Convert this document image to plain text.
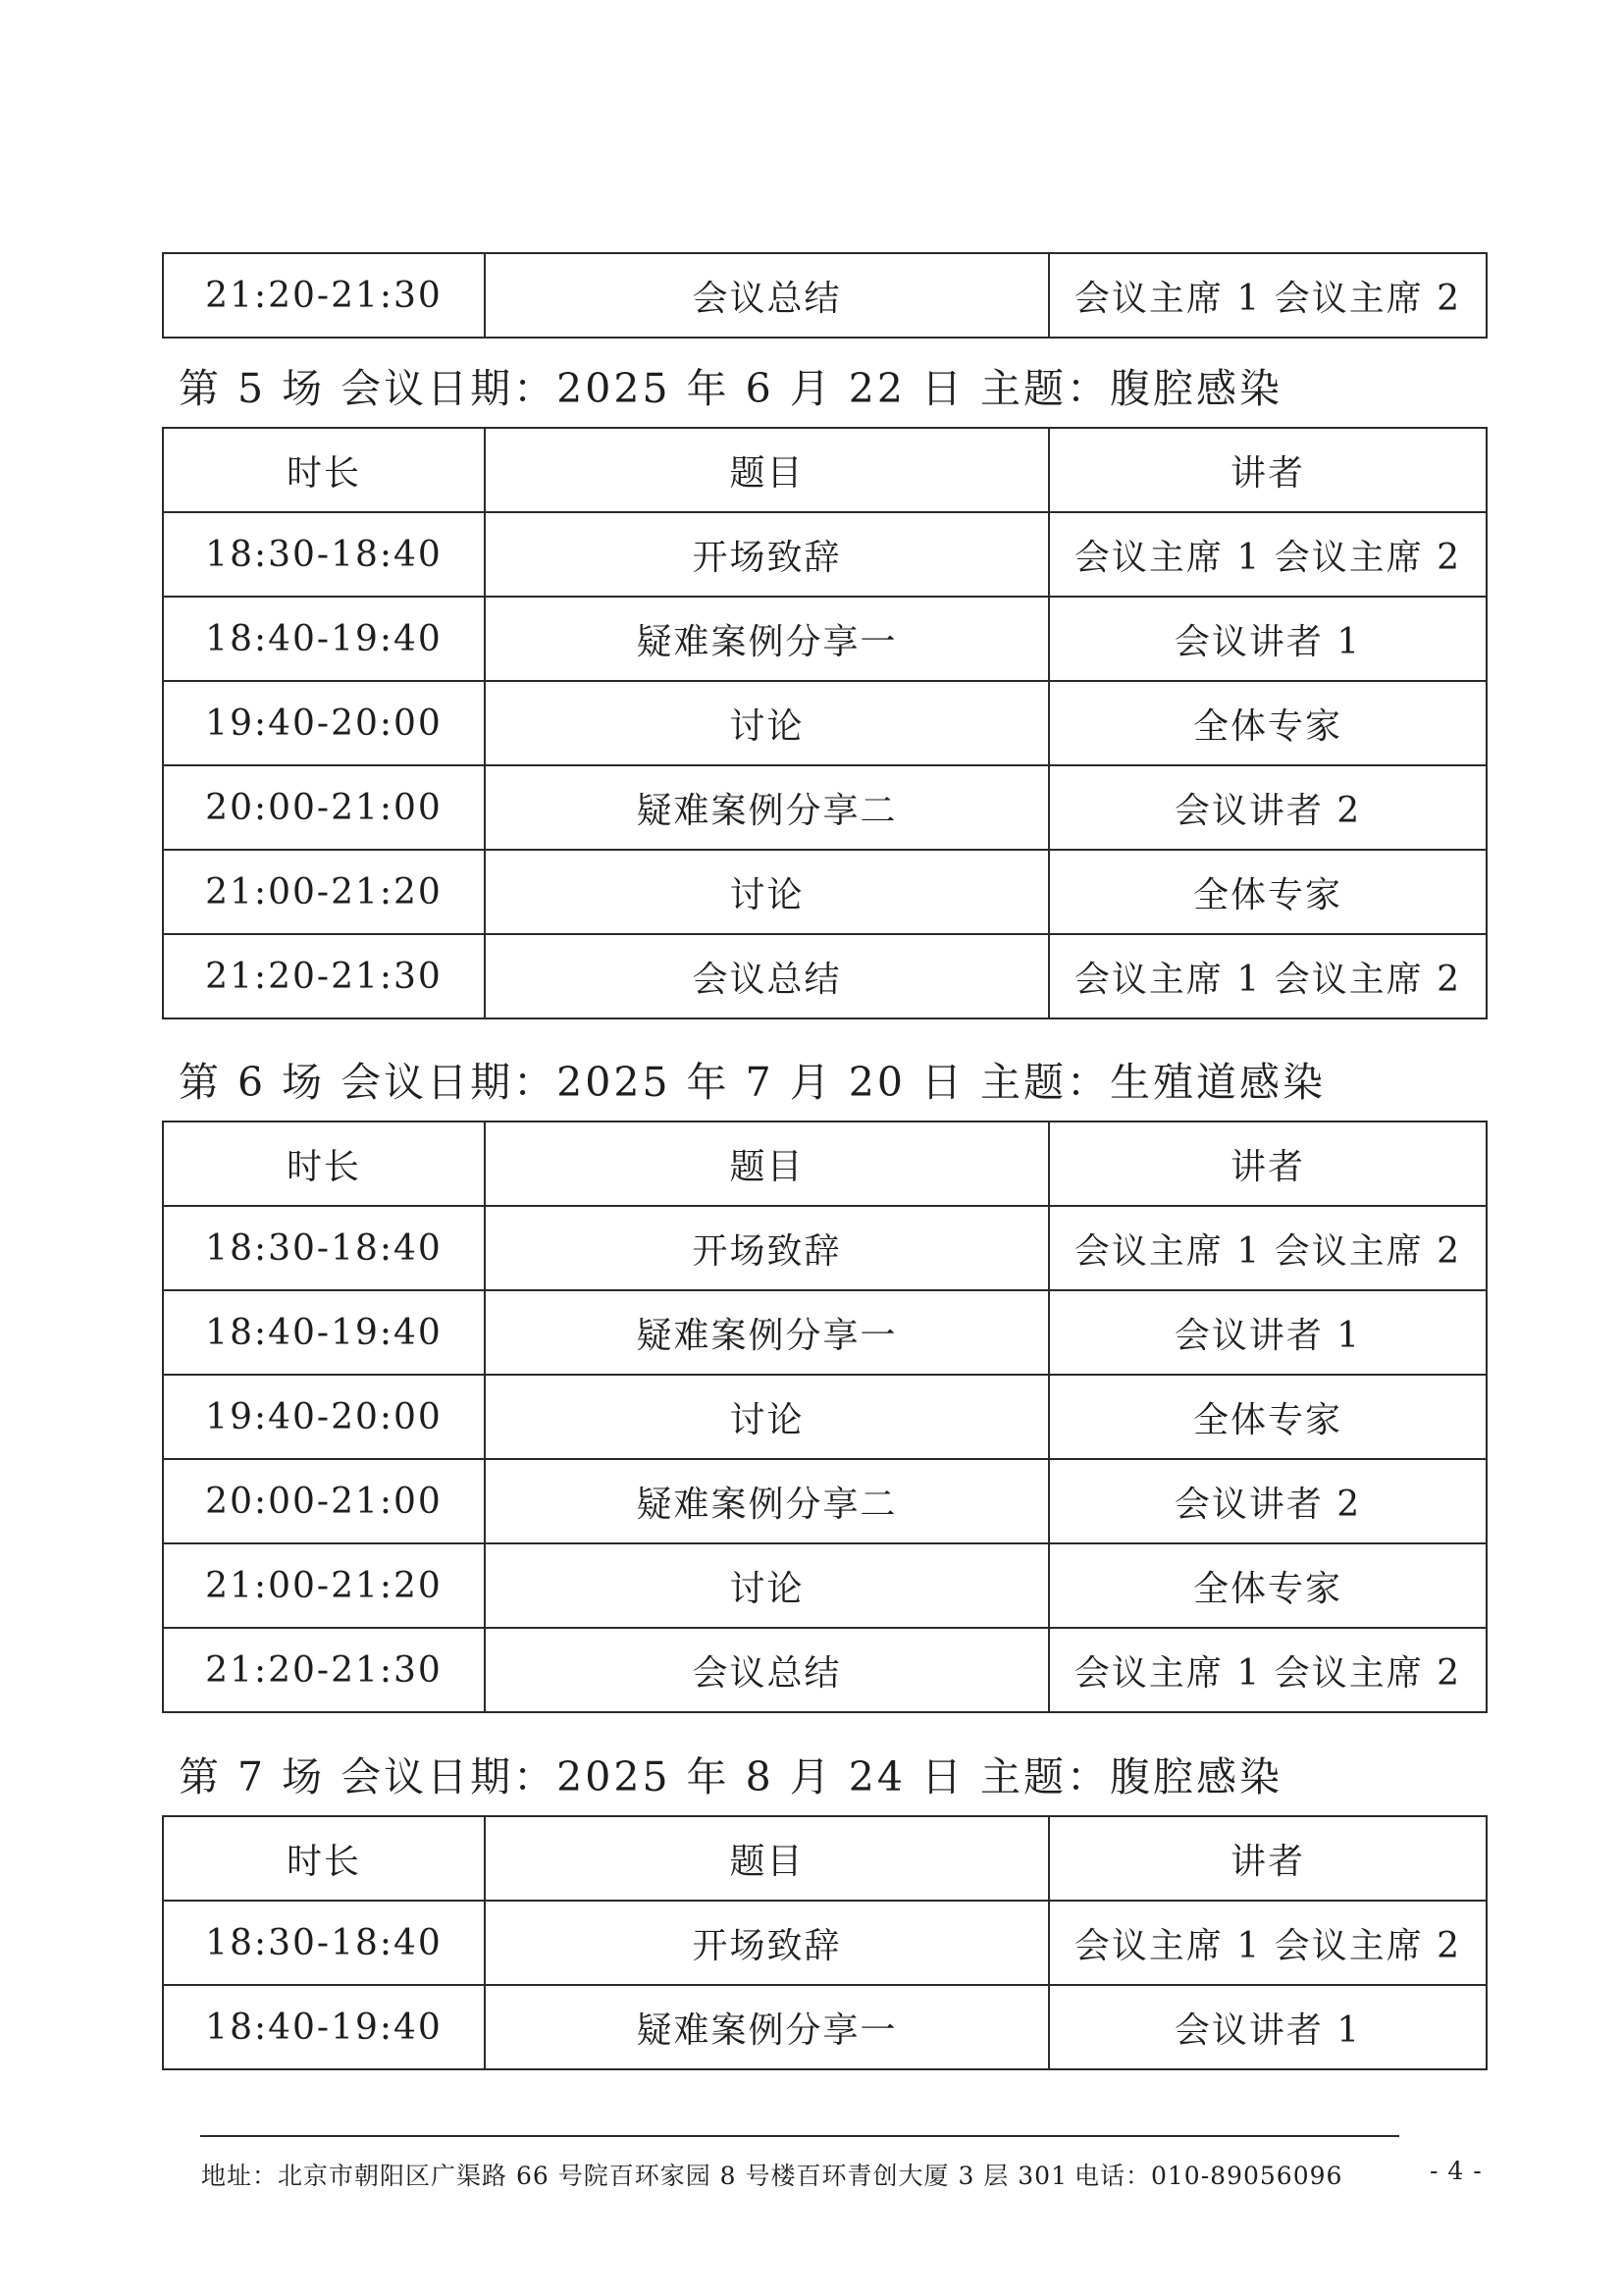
21:20-21:30	会议总结	会议主席 1 会议主席 2
第 5 场 会议日期：2025 年 6 月 22 日 主题：腹腔感染
时长	题目	讲者
18:30-18:40	开场致辞	会议主席 1 会议主席 2
18:40-19:40	疑难案例分享一	会议讲者 1
19:40-20:00	讨论	全体专家
20:00-21:00	疑难案例分享二	会议讲者 2
21:00-21:20	讨论	全体专家
21:20-21:30	会议总结	会议主席 1 会议主席 2
第 6 场 会议日期：2025 年 7 月 20 日 主题：生殖道感染
时长	题目	讲者
18:30-18:40	开场致辞	会议主席 1 会议主席 2
18:40-19:40	疑难案例分享一	会议讲者 1
19:40-20:00	讨论	全体专家
20:00-21:00	疑难案例分享二	会议讲者 2
21:00-21:20	讨论	全体专家
21:20-21:30	会议总结	会议主席 1 会议主席 2
第 7 场 会议日期：2025 年 8 月 24 日 主题：腹腔感染
时长	题目	讲者
18:30-18:40	开场致辞	会议主席 1 会议主席 2
18:40-19:40	疑难案例分享一	会议讲者 1
地址：北京市朝阳区广渠路 66 号院百环家园 8 号楼百环青创大厦 3 层 301 电话：010-89056096	- 4 -
